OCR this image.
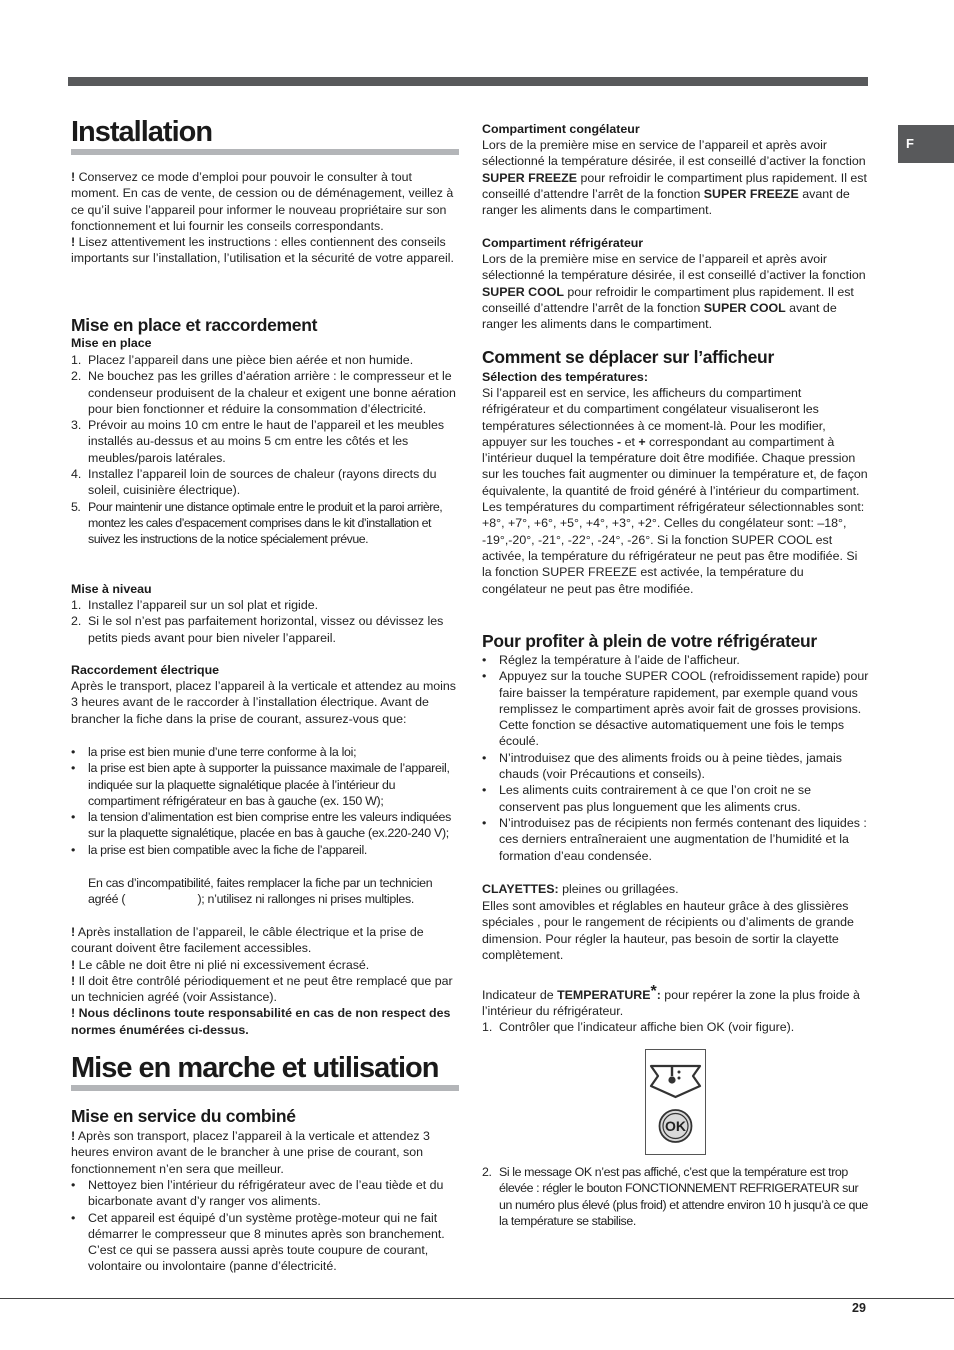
F
Installation

! Conservez ce mode d’emploi pour pouvoir le consulter à tout moment. En cas de vente, de cession ou de déménagement, veillez à ce qu’il suive l’appareil pour informer le nouveau propriétaire sur son fonctionnement et lui fournir les conseils correspondants.

! Lisez attentivement les instructions : elles contiennent des conseils importants sur l’installation, l’utilisation et la sécurité de votre appareil.

Mise en place et raccordement
Mise en place
1. Placez l’appareil dans une pièce bien aérée et non humide.
2. Ne bouchez pas les grilles d’aération arrière : le compresseur et le condenseur produisent de la chaleur et exigent une bonne aération pour bien fonctionner et réduire la consommation d’électricité.
3. Prévoir au moins 10 cm entre le haut de l’appareil et les meubles installés au-dessus et au moins 5 cm entre les côtés et les meubles/parois latérales.
4. Installez l’appareil loin de sources de chaleur (rayons directs du soleil, cuisinière électrique).
5. Pour maintenir une distance optimale entre le produit et la paroi arrière, montez les cales d’espacement comprises dans le kit d’installation et suivez les instructions de la notice spécialement prévue.
Mise à niveau
1. Installez l’appareil sur un sol plat et rigide.
2. Si le sol n’est pas parfaitement horizontal, vissez ou dévissez les petits pieds avant pour bien niveler l’appareil.
Raccordement électrique

Après le transport, placez l’appareil à la verticale et attendez au moins 3 heures avant de le raccorder à l’installation électrique. Avant de brancher la fiche dans la prise de courant, assurez-vous que:

• la prise est bien munie d’une terre conforme à la loi;
• la prise est bien apte à supporter la puissance maximale de l’appareil, indiquée sur la plaquette signalétique placée à l’intérieur du compartiment réfrigérateur en bas à gauche (ex. 150 W);
• la tension d’alimentation est bien comprise entre les valeurs indiquées sur la plaquette signalétique, placée en bas à gauche (ex.220-240 V);
• la prise est bien compatible avec la fiche de l’appareil.

En cas d’incompatibilité, faites remplacer la fiche par un technicien agréé (                       ); n’utilisez ni rallonges ni prises multiples.

! Après installation de l’appareil, le câble électrique et la prise de courant doivent être facilement accessibles.

! Le câble ne doit être ni plié ni excessivement écrasé.

! Il doit être contrôlé périodiquement et ne peut être remplacé que par un technicien agréé (voir Assistance).

! Nous déclinons toute responsabilité en cas de non respect des normes énumérées ci-dessus.

Mise en marche et utilisation
Mise en service du combiné

! Après son transport, placez l’appareil à la verticale et attendez 3 heures environ avant de le brancher à une prise de courant, son fonctionnement n’en sera que meilleur.

• Nettoyez bien l’intérieur du réfrigérateur avec de l’eau tiède et du bicarbonate avant d’y ranger vos aliments.
• Cet appareil est équipé d’un système protège-moteur qui ne fait démarrer le compresseur que 8 minutes après son branchement. C’est ce qui se passera aussi après toute coupure de courant, volontaire ou involontaire (panne d’électricité.
Compartiment congélateur

Lors de la première mise en service de l’appareil et après avoir sélectionné la température désirée, il est conseillé d’activer la fonction SUPER FREEZE pour refroidir le compartiment plus rapidement. Il est conseillé d’attendre l’arrêt de la fonction SUPER FREEZE avant de ranger les aliments dans le compartiment.

Compartiment réfrigérateur

Lors de la première mise en service de l’appareil et après avoir sélectionné la température désirée, il est conseillé d’activer la fonction SUPER COOL pour refroidir le compartiment plus rapidement. Il est conseillé d’attendre l’arrêt de la fonction SUPER COOL avant de ranger les aliments dans le compartiment.

Comment se déplacer sur l’afficheur
Sélection des températures:

Si l’appareil est en service, les afficheurs du compartiment réfrigérateur et du compartiment congélateur visualiseront les températures sélectionnées à ce moment-là. Pour les modifier, appuyer sur les touches - et + correspondant au compartiment à l’intérieur duquel la température doit être modifiée. Chaque pression sur les touches fait augmenter ou diminuer la température et, de façon équivalente, la quantité de froid généré à l’intérieur du compartiment. Les températures du compartiment réfrigérateur sélectionnables sont: +8°, +7°, +6°, +5°, +4°, +3°, +2°. Celles du congélateur sont: –18°, -19°,-20°, -21°, -22°, -24°, -26°. Si la fonction SUPER COOL est activée, la température du réfrigérateur ne peut pas être modifiée. Si la fonction SUPER FREEZE est activée, la température du congélateur ne peut pas être modifiée.

Pour profiter à plein de votre réfrigérateur
• Réglez la température à l’aide de l’afficheur.
• Appuyez sur la touche SUPER COOL (refroidissement rapide) pour faire baisser la température rapidement, par exemple quand vous remplissez le compartiment après avoir fait de grosses provisions. Cette fonction se désactive automatiquement une fois le temps écoulé.
• N’introduisez que des aliments froids ou à peine tièdes, jamais chauds (voir Précautions et conseils).
• Les aliments cuits contrairement à ce que l’on croit ne se conservent pas plus longuement que les aliments crus.
• N’introduisez pas de récipients non fermés contenant des liquides : ces derniers entraîneraient une augmentation de l’humidité et la formation d’eau condensée.

CLAYETTES: pleines ou grillagées.

Elles sont amovibles et réglables en hauteur grâce à des glissières spéciales , pour le rangement de récipients ou d’aliments de grande dimension. Pour régler la hauteur, pas besoin de sortir la clayette complètement.

Indicateur de TEMPERATURE*: pour repérer la zone la plus froide à l’intérieur du réfrigérateur.

1. Contrôler que l’indicateur affiche bien OK (voir figure).
2. Si le message OK n’est pas affiché, c’est que la température est trop élevée : régler le bouton FONCTIONNEMENT REFRIGERATEUR sur un numéro plus élevé (plus froid) et attendre environ 10 h jusqu’à ce que la température se stabilise.
OK
29
